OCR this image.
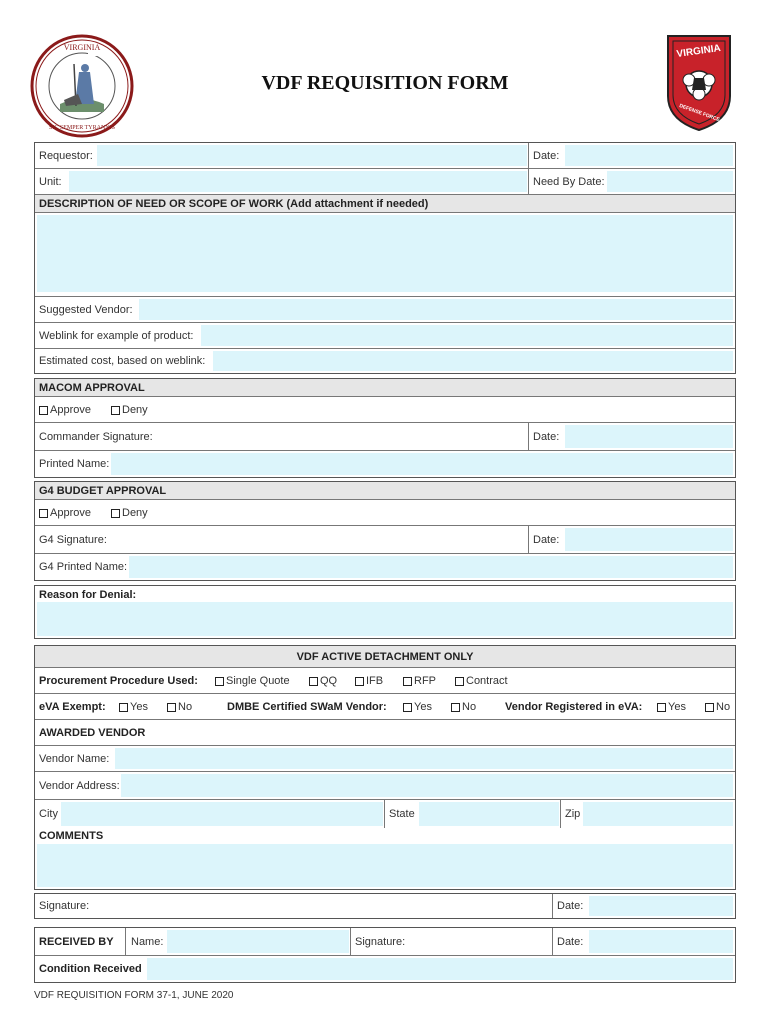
VIRGINIA
SIC SEMPER TYRANNIS
VIRGINIA
DEFENSE FORCE
VDF REQUISITION FORM
Requestor:	Date:
Unit:	Need By Date:
DESCRIPTION OF NEED OR SCOPE OF WORK (Add attachment if needed)
Suggested Vendor:
Weblink for example of product:
Estimated cost, based on weblink:
MACOM APPROVAL
Approve	Deny
Commander Signature:	Date:
Printed Name:
G4 BUDGET APPROVAL
Approve	Deny
G4 Signature:	Date:
G4 Printed Name:
Reason for Denial:
VDF ACTIVE DETACHMENT ONLY
Procurement Procedure Used:	Single Quote	QQ	IFB	RFP	Contract
eVA Exempt: Yes	No	DMBE Certified SWaM Vendor: Yes	No	Vendor Registered in eVA: Yes	No
AWARDED VENDOR
Vendor Name:
Vendor Address:
City	State	Zip
COMMENTS
Signature:	Date:
RECEIVED BY	Name:	Signature:	Date:
Condition Received
VDF REQUISITION FORM 37-1, JUNE 2020
